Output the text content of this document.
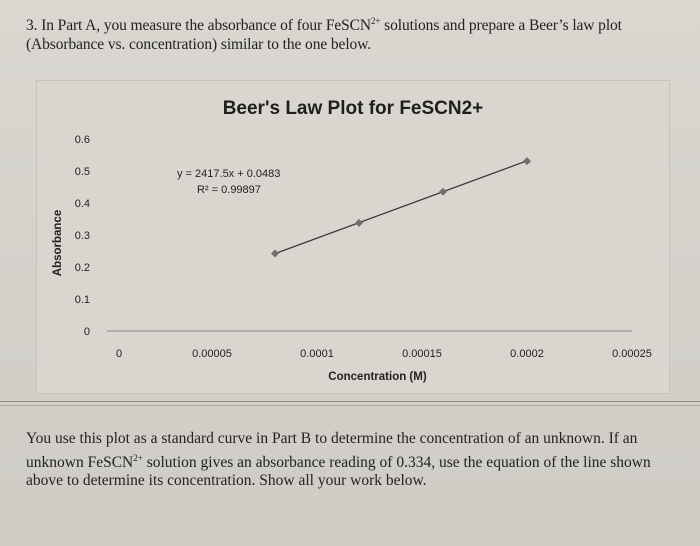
3. In Part A, you measure the absorbance of four FeSCN$^{2+}$ solutions and prepare a Beer’s law plot (Absorbance vs. concentration) similar to the one below.
Beer's Law Plot for FeSCN2+
0
0.1
0.2
0.3
0.4
0.5
0.6
0	0.00005	0.0001	0.00015	0.0002	0.00025
Absorbance
Concentration (M)
y = 2417.5x + 0.0483
R² = 0.99897
You use this plot as a standard curve in Part B to determine the concentration of an unknown. If an unknown FeSCN$^{2+}$ solution gives an absorbance reading of 0.334, use the equation of the line shown above to determine its concentration. Show all your work below.
